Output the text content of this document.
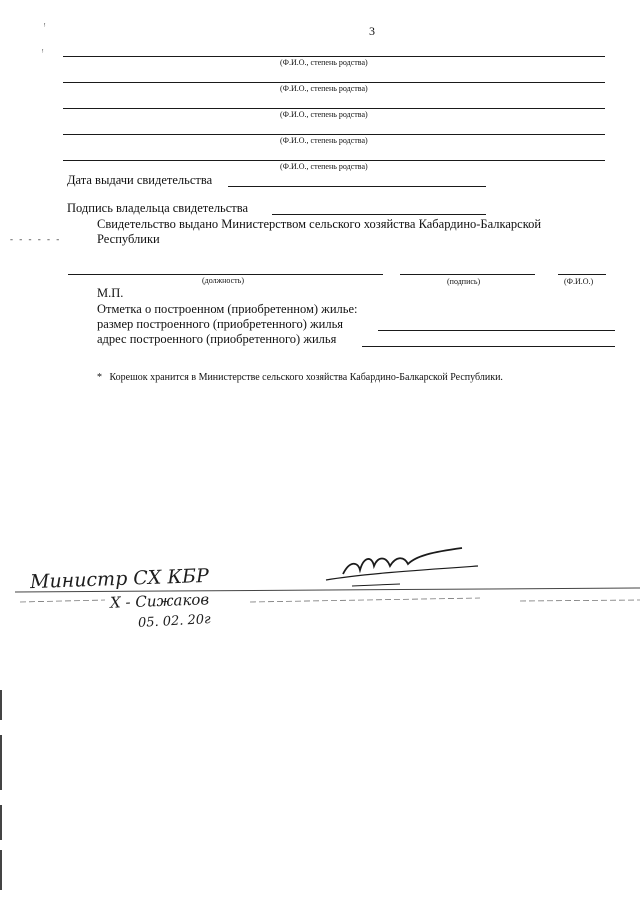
ᵎ
ᵎ
3
(Ф.И.О., степень родства)
(Ф.И.О., степень родства)
(Ф.И.О., степень родства)
(Ф.И.О., степень родства)
(Ф.И.О., степень родства)
Дата выдачи свидетельства
Подпись владельца свидетельства
Свидетельство выдано Министерством сельского хозяйства Кабардино-Балкарской
Республики
- - - - - -
(должность)	(подпись)	(Ф.И.О.)
М.П.
Отметка о построенном (приобретенном) жилье:
размер построенного (приобретенного) жилья
адрес построенного (приобретенного) жилья
* Корешок хранится в Министерстве сельского хозяйства Кабардино-Балкарской Республики.
Министр СХ КБР
Х - Сижаков
05. 02. 20г
